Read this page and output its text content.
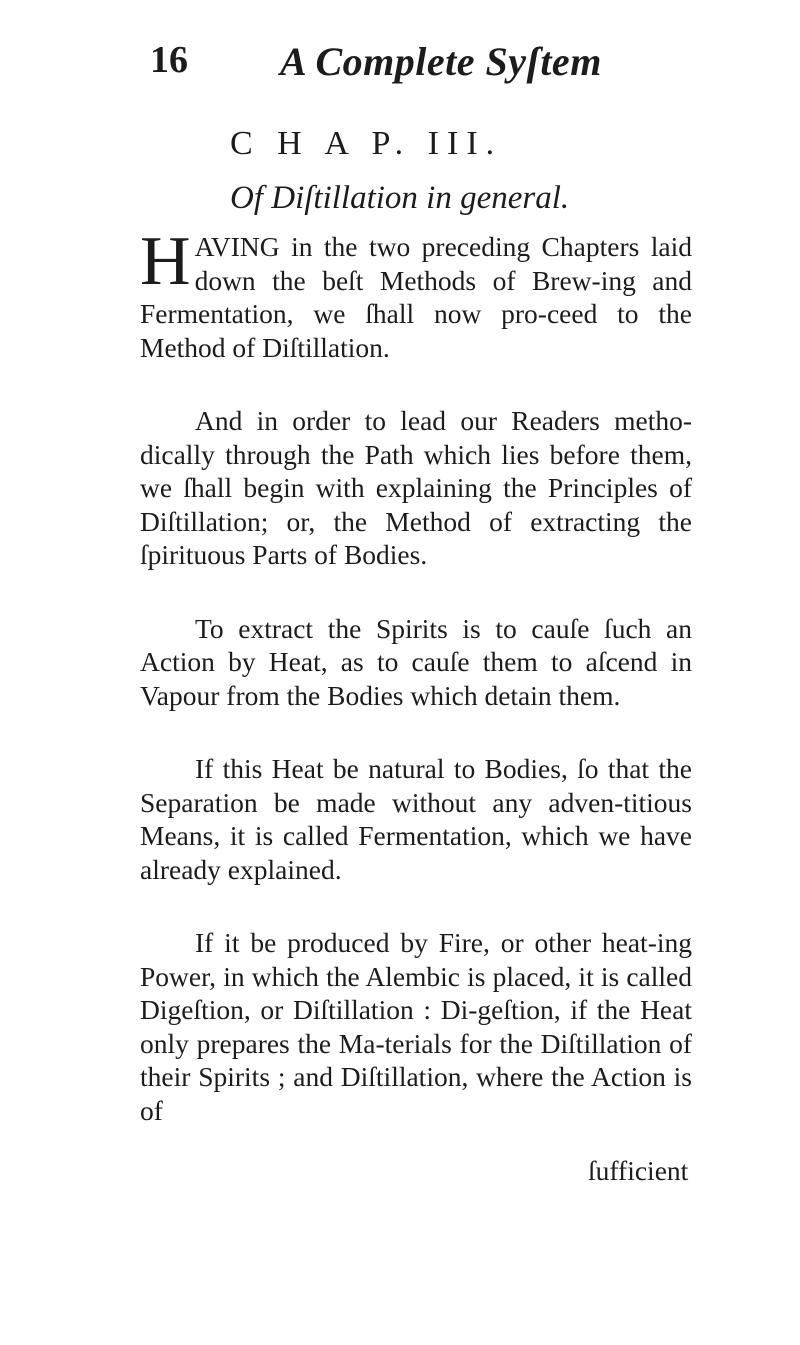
16 A Complete Syſtem
C H A P. III.
Of Diſtillation in general.

H AVING in the two preceding Chapters laid down the beſt Methods of Brew-ing and Fermentation, we ſhall now pro-ceed to the Method of Diſtillation.

And in order to lead our Readers metho-dically through the Path which lies before them, we ſhall begin with explaining the Principles of Diſtillation; or, the Method of extracting the ſpirituous Parts of Bodies.

To extract the Spirits is to cauſe ſuch an Action by Heat, as to cauſe them to aſcend in Vapour from the Bodies which detain them.

If this Heat be natural to Bodies, ſo that the Separation be made without any adven-titious Means, it is called Fermentation, which we have already explained.

If it be produced by Fire, or other heat-ing Power, in which the Alembic is placed, it is called Digeſtion, or Diſtillation : Di-geſtion, if the Heat only prepares the Ma-terials for the Diſtillation of their Spirits ; and Diſtillation, where the Action is of

ſufficient
